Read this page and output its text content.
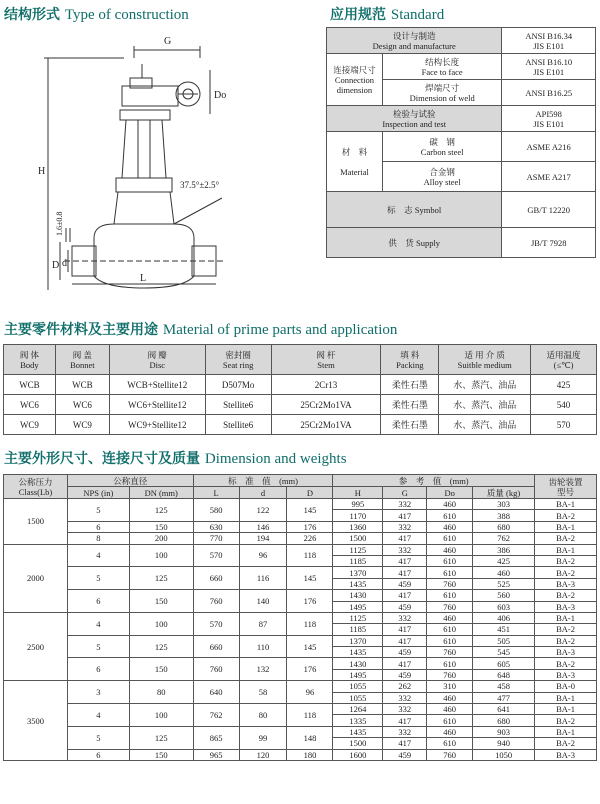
结构形式 Type of construction	应用规范 Standard
主要零件材料及主要用途 Material of prime parts and application
主要外形尺寸、连接尺寸及质量 Dimension and weights
G
Do
H
37.5°±2.5°
1.6±0.8
D d
L
设计与制造
Design and manufacture		ANSI B16.34
JIS E101
连接端尺寸
Connection
dimension	结构长度
Face to face	ANSI B16.10
JIS E101
	焊端尺寸
Dimension of weld	ANSI B16.25
检验与试验
Inspection and test		API598
JIS E101
材　料

Material	碳　钢
Carbon steel	ASME A216
	合金钢
Alloy steel	ASME A217
标　志 Symbol		GB/T 12220
供　货 Supply		JB/T 7928
阀 体
Body	阀 盖
Bonnet	阀 瓣
Disc	密封圈
Seat ring	阀 杆
Stem	填 料
Packing	适 用 介 质
Suitble medium	适用温度
(≤℃)
WCB	WCB	WCB+Stellite12	D507Mo	2Cr13	柔性石墨	水、蒸汽、油品	425
WC6	WC6	WC6+Stellite12	Stellite6	25Cr2Mo1VA	柔性石墨	水、蒸汽、油品	540
WC9	WC9	WC9+Stellite12	Stellite6	25Cr2Mo1VA	柔性石墨	水、蒸汽、油品	570
公称压力
Class(Lb)	公称直径		标　准　值　(mm)			参　考　值　(mm)				齿轮装置
型号
	NPS (in)	DN (mm)	L	d	D	H	G	Do	质量 (kg)	
1500	5	125	580	122	145	995	332	460	303	BA-1
						1170	417	610	388	BA-2
	6	150	630	146	176	1360	332	460	680	BA-1
	8	200	770	194	226	1500	417	610	762	BA-2
2000	4	100	570	96	118	1125	332	460	386	BA-1
						1185	417	610	425	BA-2
	5	125	660	116	145	1370	417	610	460	BA-2
						1435	459	760	525	BA-3
	6	150	760	140	176	1430	417	610	560	BA-2
						1495	459	760	603	BA-3
2500	4	100	570	87	118	1125	332	460	406	BA-1
						1185	417	610	451	BA-2
	5	125	660	110	145	1370	417	610	505	BA-2
						1435	459	760	545	BA-3
	6	150	760	132	176	1430	417	610	605	BA-2
						1495	459	760	648	BA-3
3500	3	80	640	58	96	1055	262	310	458	BA-0
						1055	332	460	477	BA-1
	4	100	762	80	118	1264	332	460	641	BA-1
						1335	417	610	680	BA-2
	5	125	865	99	148	1435	332	460	903	BA-1
						1500	417	610	940	BA-2
	6	150	965	120	180	1600	459	760	1050	BA-3
